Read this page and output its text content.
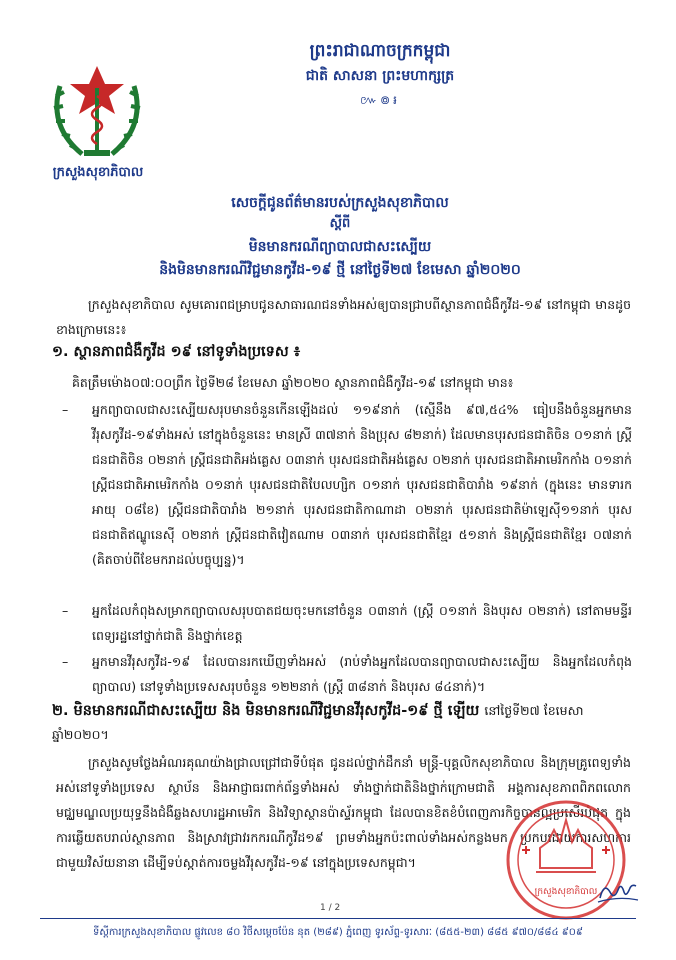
ព្រះរាជាណាចក្រកម្ពុជា
ជាតិ សាសនា ព្រះមហាក្សត្រ
៚៙៛
ក្រសួងសុខាភិបាល
សេចក្តីជូនព័ត៌មានរបស់ក្រសួងសុខាភិបាល
ស្តីពី
មិនមានករណីព្យាបាលជាសះស្បើយ
និងមិនមានករណីវិជ្ជមានកូវីដ-១៩ ថ្មី នៅថ្ងៃទី២៧ ខែមេសា ឆ្នាំ២០២០
ក្រសួងសុខាភិបាល សូមគោរពជម្រាបជូនសាធារណជនទាំងអស់ឲ្យបានជ្រាបពីស្ថានភាពជំងឺកូវីដ-១៩ នៅកម្ពុជា មានដូចខាងក្រោមនេះ៖
១. ស្ថានភាពជំងឺកូវីដ ១៩ នៅទូទាំងប្រទេស ៖
គិតត្រឹមម៉ោង០៧:០០ព្រឹក ថ្ងៃទី២៨ ខែមេសា ឆ្នាំ២០២០ ស្ថានភាពជំងឺកូវីដ-១៩ នៅកម្ពុជា មាន៖
–	អ្នកព្យាបាលជាសះស្បើយសរុបមានចំនួនកើនឡើងដល់ ១១៩នាក់ (ស្មើនឹង ៩៧,៥៤% ធៀបនឹងចំនួនអ្នកមានវីរុសកូវីដ-១៩ទាំងអស់ នៅក្នុងចំនួននេះ មានស្រី ៣៧នាក់ និងប្រុស ៨២នាក់) ដែលមានបុរសជនជាតិចិន ០១នាក់ ស្ត្រីជនជាតិចិន ០២នាក់ ស្ត្រីជនជាតិអង់គ្លេស ០៣នាក់ បុរសជនជាតិអង់គ្លេស ០២នាក់ បុរសជនជាតិអាមេរិកកាំង ០១នាក់ ស្ត្រីជនជាតិអាមេរិកកាំង ០១នាក់ បុរសជនជាតិបែលហ្សិក ០១នាក់ បុរសជនជាតិបារាំង ១៩នាក់ (ក្នុងនេះ មានទារកអាយុ ០៨ខែ) ស្ត្រីជនជាតិបារាំង ២១នាក់ បុរសជនជាតិកាណាដា ០២នាក់ បុរសជនជាតិម៉ាឡេស៊ី១១នាក់ បុរសជនជាតិឥណ្ឌូនេស៊ី ០២នាក់ ស្ត្រីជនជាតិវៀតណាម ០៣នាក់ បុរសជនជាតិខ្មែរ ៥១នាក់ និងស្ត្រីជនជាតិខ្មែរ ០៧នាក់ (គិតចាប់ពីខែមករាដល់បច្ចុប្បន្ន)។
–	អ្នកដែលកំពុងសម្រាកព្យាបាលសរុបបាតជយចុះមកនៅចំនួន ០៣នាក់ (ស្ត្រី ០១នាក់ និងបុរស ០២នាក់) នៅតាមមន្ទីរពេទ្យរដ្ឋនៅថ្នាក់ជាតិ និងថ្នាក់ខេត្ត
–	អ្នកមានវីរុសកូវីដ-១៩ ដែលបានរកឃើញទាំងអស់ (រាប់ទាំងអ្នកដែលបានព្យាបាលជាសះស្បើយ និងអ្នកដែលកំពុងព្យាបាល) នៅទូទាំងប្រទេសសរុបចំនួន ១២២នាក់ (ស្ត្រី ៣៨នាក់ និងបុរស ៨៤នាក់)។
២. មិនមានករណីជាសះស្បើយ និង មិនមានករណីវិជ្ជមានវីរុសកូវីដ-១៩ ថ្មី ឡើយ នៅថ្ងៃទី២៧ ខែមេសា ឆ្នាំ២០២០។
ក្រសួងសូមថ្លែងអំណរគុណយ៉ាងជ្រាលជ្រៅជាទីបំផុត ជូនដល់ថ្នាក់ដឹកនាំ មន្ត្រី-បុគ្គលិកសុខាភិបាល និងក្រុមគ្រូពេទ្យទាំងអស់នៅទូទាំងប្រទេស ស្ថាប័ន និងអាជ្ញាធរពាក់ព័ន្ធទាំងអស់ ទាំងថ្នាក់ជាតិនិងថ្នាក់ក្រោមជាតិ អង្គការសុខភាពពិភពលោក មជ្ឈមណ្ឌលប្រយុទ្ធនឹងជំងឺឆ្លងសហរដ្ឋអាមេរិក និងវិទ្យាស្ថានប៉ាស្ទ័រកម្ពុជា ដែលបានខិតខំបំពេញភារកិច្ចបានល្អប្រសើរបំផុត ក្នុងការឆ្លើយតបរាល់ស្ថានភាព និងស្រាវជ្រាវរកករណីកូវីដ១៩ ព្រមទាំងអ្នកប៉ះពាល់ទាំងអស់កន្លងមក ប្រកបដោយការសហការជាមួយវិស័យនានា ដើម្បីទប់ស្កាត់ការចម្លងវីរុសកូវីដ-១៩ នៅក្នុងប្រទេសកម្ពុជា។
ក្រសួងសុខាភិបាល
1 / 2
ទីស្តីការក្រសួងសុខាភិបាល ផ្លូវលេខ ៨០ វិថីសម្តេចប៉ែន នុត (២៨៩) ភ្នំពេញ ទូរស័ព្ទ-ទូរសារៈ (៨៥៥-២៣) ៨៨៥ ៩៧០/៨៨៤ ៩០៩
